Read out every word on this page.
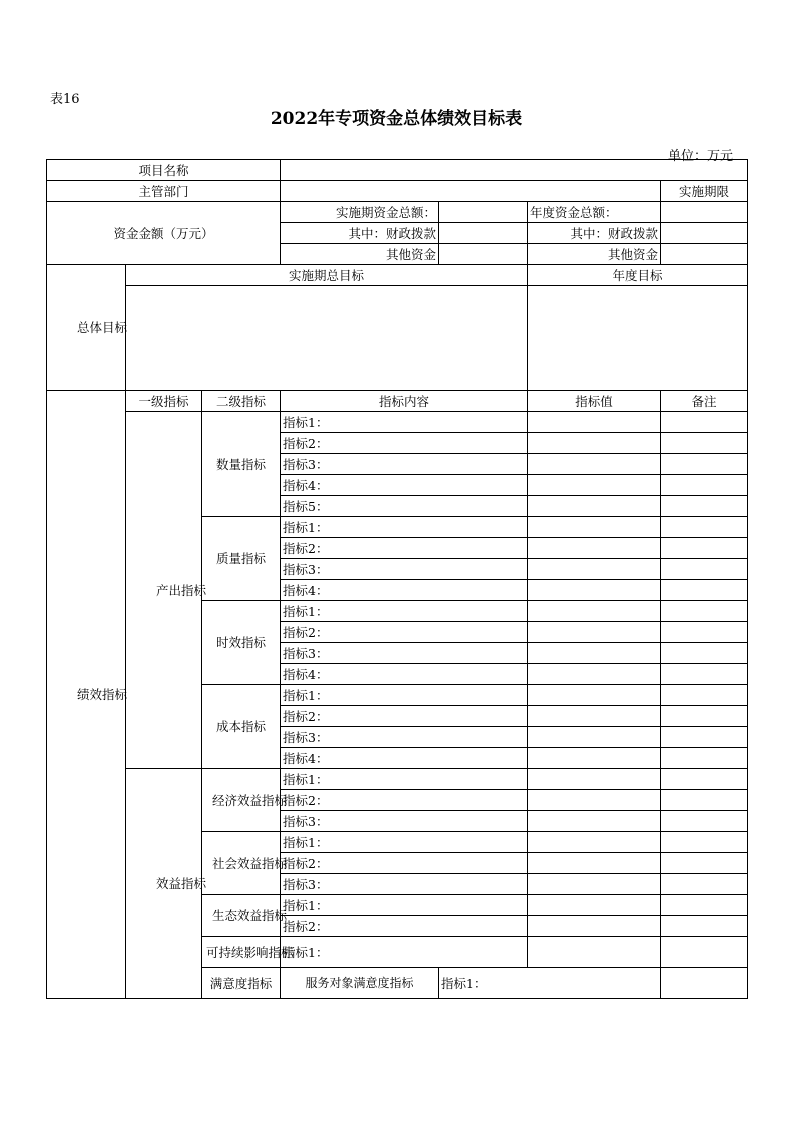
表16
2022年专项资金总体绩效目标表
单位：万元
项目名称							
主管部门						实施期限	
资金金额（万元）			实施期资金总额：		年度资金总额：		
			其中：财政拨款		其中：财政拨款		
			其他资金		其他资金		
总体目标	实施期总目标				年度目标		

绩效指标	一级指标	二级指标	指标内容		指标值	备注	
	产出指标	数量指标	指标1：				
			指标2：				
			指标3：				
			指标4：				
			指标5：				
		质量指标	指标1：				
			指标2：				
			指标3：				
			指标4：				
		时效指标	指标1：				
			指标2：				
			指标3：				
			指标4：				
		成本指标	指标1：				
			指标2：				
			指标3：				
			指标4：				
	效益指标	经济效益指标	指标1：				
			指标2：				
			指标3：				
		社会效益指标	指标1：				
			指标2：				
			指标3：				
		生态效益指标	指标1：				
			指标2：				
		可持续影响指标	指标1：				
		满意度指标	服务对象满意度指标	指标1：			
